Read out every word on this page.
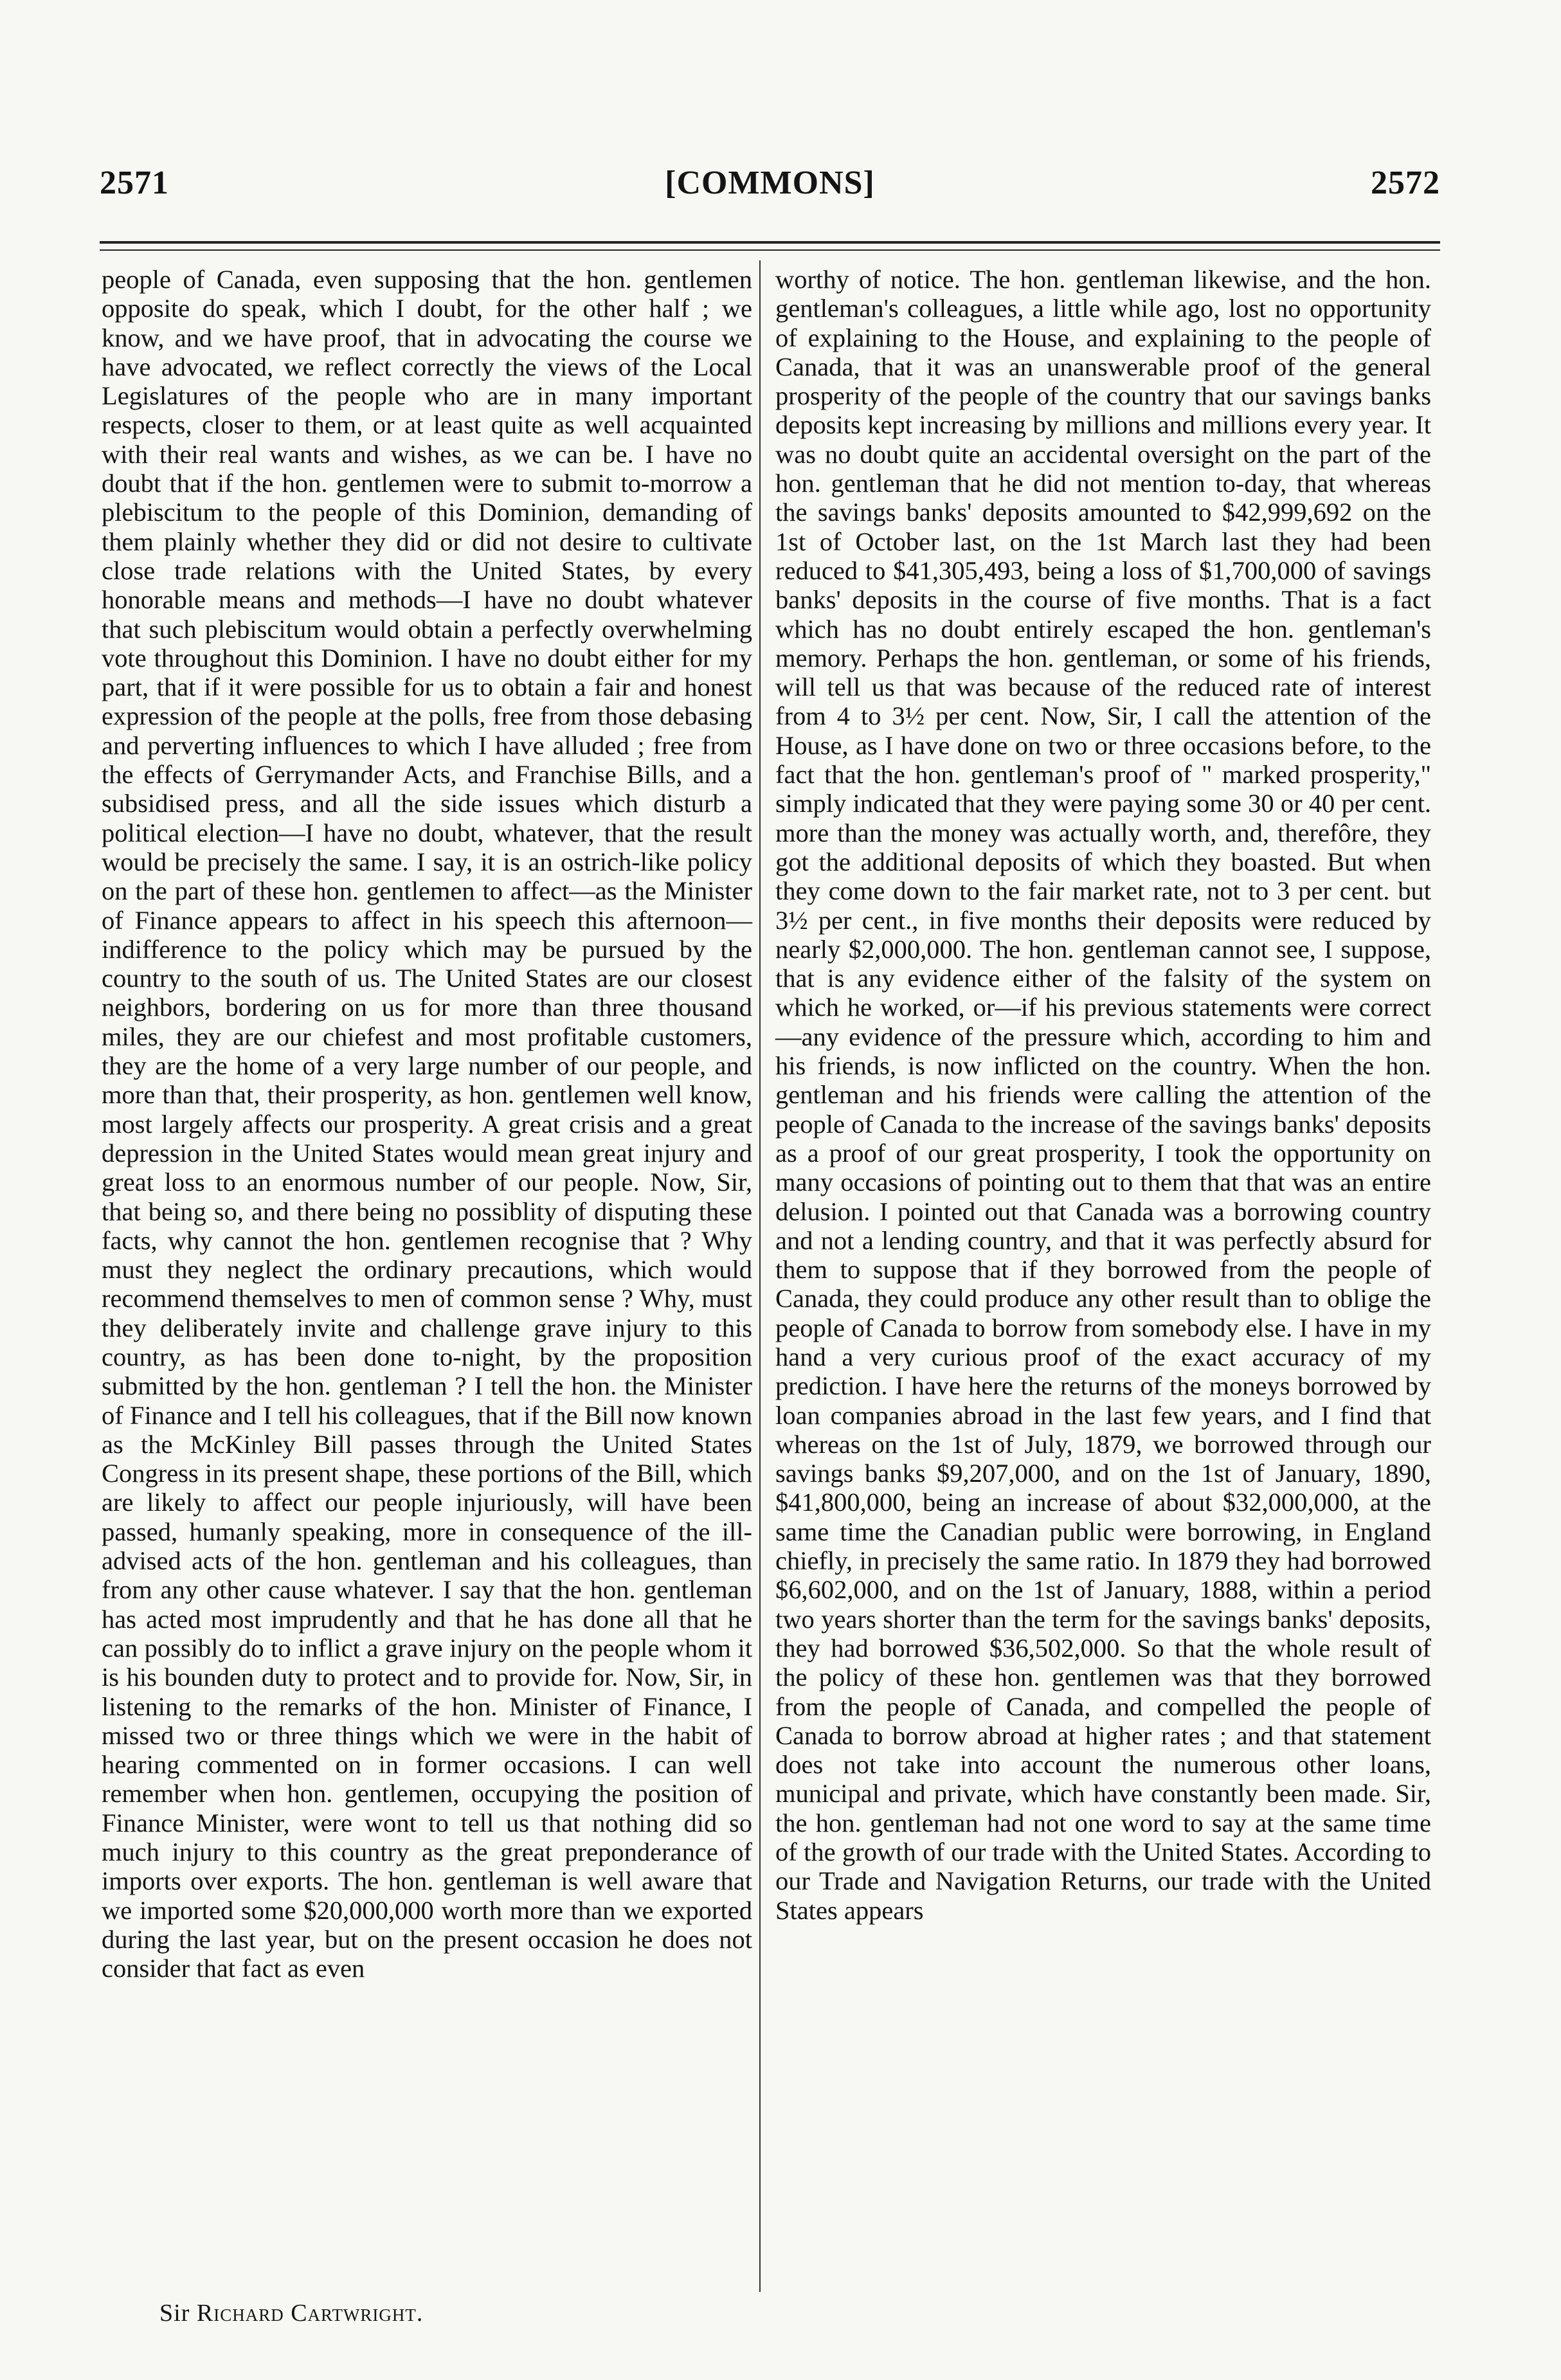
2571	[COMMONS]	2572

people of Canada, even supposing that the hon. gentlemen opposite do speak, which I doubt, for the other half ; we know, and we have proof, that in advocating the course we have advocated, we reflect correctly the views of the Local Legislatures of the people who are in many important respects, closer to them, or at least quite as well acquainted with their real wants and wishes, as we can be. I have no doubt that if the hon. gentlemen were to submit to-morrow a plebiscitum to the people of this Dominion, demanding of them plainly whether they did or did not desire to cultivate close trade relations with the United States, by every honorable means and methods—I have no doubt whatever that such plebiscitum would obtain a perfectly overwhelming vote throughout this Dominion. I have no doubt either for my part, that if it were possible for us to obtain a fair and honest expression of the people at the polls, free from those debasing and perverting influences to which I have alluded ; free from the effects of Gerrymander Acts, and Franchise Bills, and a subsidised press, and all the side issues which disturb a political election—I have no doubt, whatever, that the result would be precisely the same. I say, it is an ostrich-like policy on the part of these hon. gentlemen to affect—as the Minister of Finance appears to affect in his speech this afternoon—indifference to the policy which may be pursued by the country to the south of us. The United States are our closest neighbors, bordering on us for more than three thousand miles, they are our chiefest and most profitable customers, they are the home of a very large number of our people, and more than that, their prosperity, as hon. gentlemen well know, most largely affects our prosperity. A great crisis and a great depression in the United States would mean great injury and great loss to an enormous number of our people. Now, Sir, that being so, and there being no possiblity of disputing these facts, why cannot the hon. gentlemen recognise that ? Why must they neglect the ordinary precautions, which would recommend themselves to men of common sense ? Why, must they deliberately invite and challenge grave injury to this country, as has been done to-night, by the proposition submitted by the hon. gentleman ? I tell the hon. the Minister of Finance and I tell his colleagues, that if the Bill now known as the McKinley Bill passes through the United States Congress in its present shape, these portions of the Bill, which are likely to affect our people injuriously, will have been passed, humanly speaking, more in consequence of the ill-advised acts of the hon. gentleman and his colleagues, than from any other cause whatever. I say that the hon. gentleman has acted most imprudently and that he has done all that he can possibly do to inflict a grave injury on the people whom it is his bounden duty to protect and to provide for. Now, Sir, in listening to the remarks of the hon. Minister of Finance, I missed two or three things which we were in the habit of hearing commented on in former occasions. I can well remember when hon. gentlemen, occupying the position of Finance Minister, were wont to tell us that nothing did so much injury to this country as the great preponderance of imports over exports. The hon. gentleman is well aware that we imported some $20,000,000 worth more than we exported during the last year, but on the present occasion he does not consider that fact as even

worthy of notice. The hon. gentleman likewise, and the hon. gentleman's colleagues, a little while ago, lost no opportunity of explaining to the House, and explaining to the people of Canada, that it was an unanswerable proof of the general prosperity of the people of the country that our savings banks deposits kept increasing by millions and millions every year. It was no doubt quite an accidental oversight on the part of the hon. gentleman that he did not mention to-day, that whereas the savings banks' deposits amounted to $42,999,692 on the 1st of October last, on the 1st March last they had been reduced to $41,305,493, being a loss of $1,700,000 of savings banks' deposits in the course of five months. That is a fact which has no doubt entirely escaped the hon. gentleman's memory. Perhaps the hon. gentleman, or some of his friends, will tell us that was because of the reduced rate of interest from 4 to 3½ per cent. Now, Sir, I call the attention of the House, as I have done on two or three occasions before, to the fact that the hon. gentleman's proof of " marked prosperity," simply indicated that they were paying some 30 or 40 per cent. more than the money was actually worth, and, therefôre, they got the additional deposits of which they boasted. But when they come down to the fair market rate, not to 3 per cent. but 3½ per cent., in five months their deposits were reduced by nearly $2,000,000. The hon. gentleman cannot see, I suppose, that is any evidence either of the falsity of the system on which he worked, or—if his previous statements were correct—any evidence of the pressure which, according to him and his friends, is now inflicted on the country. When the hon. gentleman and his friends were calling the attention of the people of Canada to the increase of the savings banks' deposits as a proof of our great prosperity, I took the opportunity on many occasions of pointing out to them that that was an entire delusion. I pointed out that Canada was a borrowing country and not a lending country, and that it was perfectly absurd for them to suppose that if they borrowed from the people of Canada, they could produce any other result than to oblige the people of Canada to borrow from somebody else. I have in my hand a very curious proof of the exact accuracy of my prediction. I have here the returns of the moneys borrowed by loan companies abroad in the last few years, and I find that whereas on the 1st of July, 1879, we borrowed through our savings banks $9,207,000, and on the 1st of January, 1890, $41,800,000, being an increase of about $32,000,000, at the same time the Canadian public were borrowing, in England chiefly, in precisely the same ratio. In 1879 they had borrowed $6,602,000, and on the 1st of January, 1888, within a period two years shorter than the term for the savings banks' deposits, they had borrowed $36,502,000. So that the whole result of the policy of these hon. gentlemen was that they borrowed from the people of Canada, and compelled the people of Canada to borrow abroad at higher rates ; and that statement does not take into account the numerous other loans, municipal and private, which have constantly been made. Sir, the hon. gentleman had not one word to say at the same time of the growth of our trade with the United States. According to our Trade and Navigation Returns, our trade with the United States appears

Sir Richard Cartwright.
